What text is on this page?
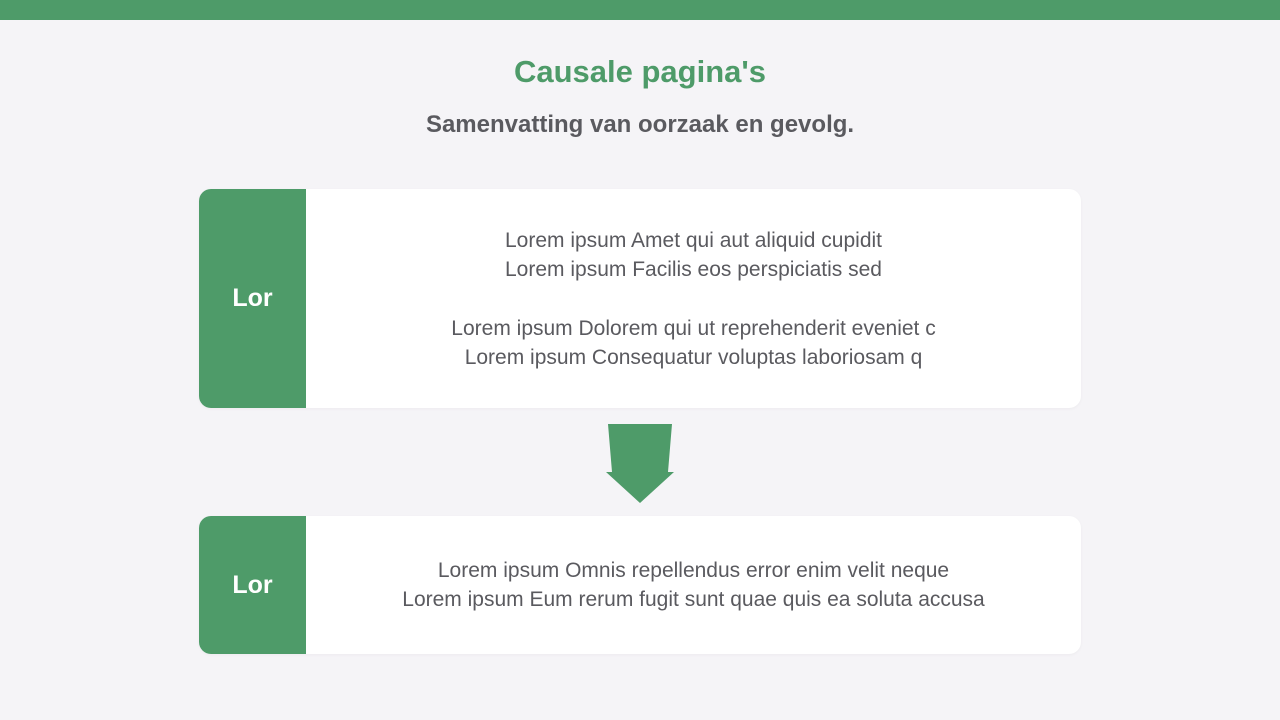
Causale pagina's
Samenvatting van oorzaak en gevolg.
Lor
Lorem ipsum Amet qui aut aliquid cupidit
Lorem ipsum Facilis eos perspiciatis sed
Lorem ipsum Dolorem qui ut reprehenderit eveniet c
Lorem ipsum Consequatur voluptas laboriosam q
Lor	Lorem ipsum Omnis repellendus error enim velit neque
Lorem ipsum Eum rerum fugit sunt quae quis ea soluta accusa
